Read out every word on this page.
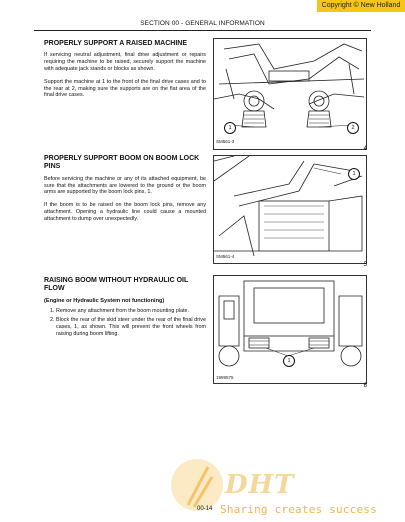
Copyright © New Holland
SECTION 00 - GENERAL INFORMATION
PROPERLY SUPPORT A RAISED MACHINE

If servicing neutral adjustment, final drive adjustment or repairs requiring the machine to be raised, securely support the machine with adequate jack stands or blocks as shown.

Support the machine at 1 to the front of the final drive cases and to the rear at 2, making sure the supports are on the flat area of the final drive cases.

1	2
SM561-3
4
PROPERLY SUPPORT BOOM ON BOOM LOCK PINS

Before servicing the machine or any of its attached equipment, be sure that the attachments are lowered to the ground or the boom arms are supported by the boom lock pins, 1.

If the boom is to be raised on the boom lock pins, remove any attachment. Opening a hydraulic line could cause a mounted attachment to dump over unexpectedly.

1
SM561-4
5
RAISING BOOM WITHOUT HYDRAULIC OIL FLOW
(Engine or Hydraulic System not functioning)
1. Remove any attachment from the boom mounting plate.
2. Block the rear of the skid steer under the rear of the final drive cases, 1, as shown. This will prevent the front wheels from raising during boom lifting.
1
1999575
6
DHT
Sharing creates success
00-14
